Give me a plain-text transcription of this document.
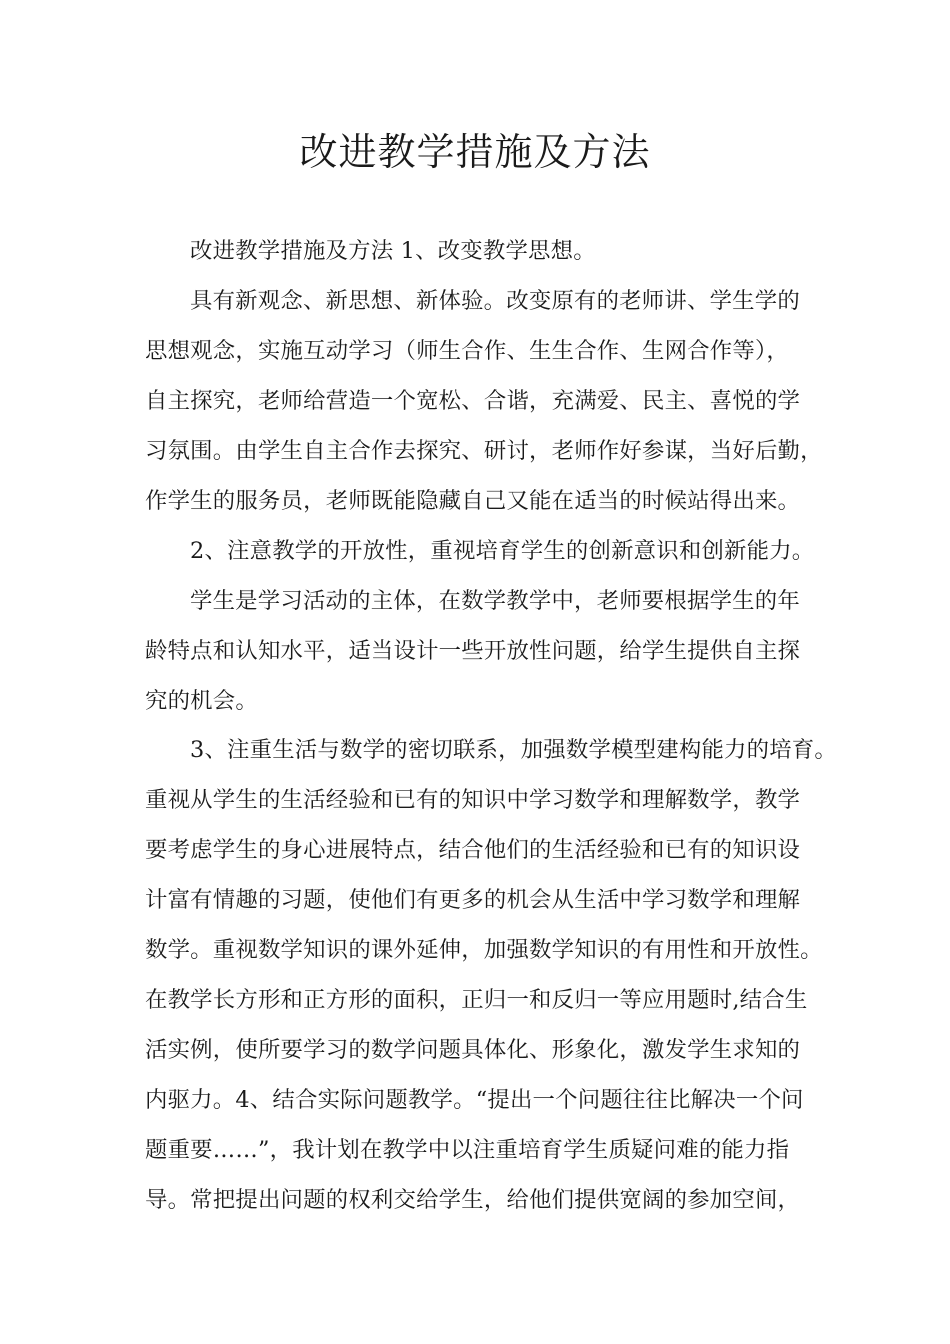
改进教学措施及方法
改进教学措施及方法 1、改变教学思想。
具有新观念、新思想、新体验。改变原有的老师讲、学生学的
思想观念，实施互动学习（师生合作、生生合作、生网合作等），
自主探究，老师给营造一个宽松、合谐，充满爱、民主、喜悦的学
习氛围。由学生自主合作去探究、研讨，老师作好参谋，当好后勤，
作学生的服务员，老师既能隐藏自己又能在适当的时候站得出来。
2、注意教学的开放性，重视培育学生的创新意识和创新能力。
学生是学习活动的主体，在数学教学中，老师要根据学生的年
龄特点和认知水平，适当设计一些开放性问题，给学生提供自主探
究的机会。
3、注重生活与数学的密切联系，加强数学模型建构能力的培育。
重视从学生的生活经验和已有的知识中学习数学和理解数学，教学
要考虑学生的身心进展特点，结合他们的生活经验和已有的知识设
计富有情趣的习题，使他们有更多的机会从生活中学习数学和理解
数学。重视数学知识的课外延伸，加强数学知识的有用性和开放性。
在教学长方形和正方形的面积，正归一和反归一等应用题时,结合生
活实例，使所要学习的数学问题具体化、形象化，激发学生求知的
内驱力。4、结合实际问题教学。“提出一个问题往往比解决一个问
题重要……”，我计划在教学中以注重培育学生质疑问难的能力指
导。常把提出问题的权利交给学生，给他们提供宽阔的参加空间，
